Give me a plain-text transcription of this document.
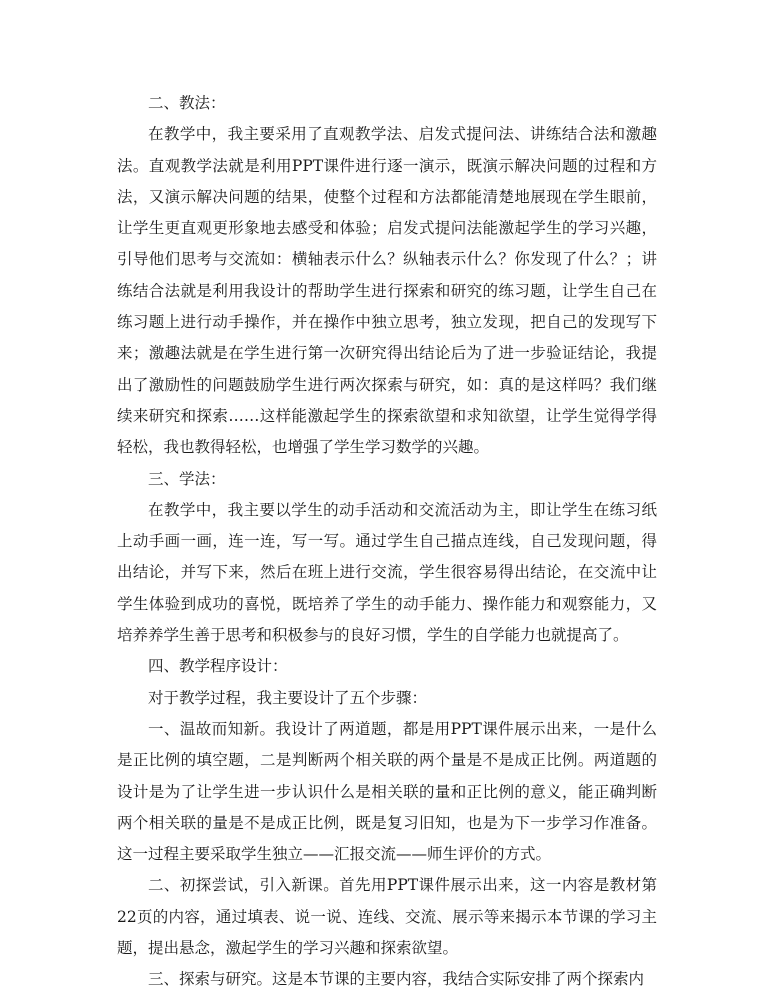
二、教法：

在教学中，我主要采用了直观教学法、启发式提问法、讲练结合法和激趣法。直观教学法就是利用PPT课件进行逐一演示，既演示解决问题的过程和方法，又演示解决问题的结果，使整个过程和方法都能清楚地展现在学生眼前，让学生更直观更形象地去感受和体验；启发式提问法能激起学生的学习兴趣，引导他们思考与交流如：横轴表示什么？纵轴表示什么？你发现了什么？；讲练结合法就是利用我设计的帮助学生进行探索和研究的练习题，让学生自己在练习题上进行动手操作，并在操作中独立思考，独立发现，把自己的发现写下来；激趣法就是在学生进行第一次研究得出结论后为了进一步验证结论，我提出了激励性的问题鼓励学生进行两次探索与研究，如：真的是这样吗？我们继续来研究和探索……这样能激起学生的探索欲望和求知欲望，让学生觉得学得轻松，我也教得轻松，也增强了学生学习数学的兴趣。

三、学法：

在教学中，我主要以学生的动手活动和交流活动为主，即让学生在练习纸上动手画一画，连一连，写一写。通过学生自己描点连线，自己发现问题，得出结论，并写下来，然后在班上进行交流，学生很容易得出结论，在交流中让学生体验到成功的喜悦，既培养了学生的动手能力、操作能力和观察能力，又培养养学生善于思考和积极参与的良好习惯，学生的自学能力也就提高了。

四、教学程序设计：

对于教学过程，我主要设计了五个步骤：

一、温故而知新。我设计了两道题，都是用PPT课件展示出来，一是什么是正比例的填空题，二是判断两个相关联的两个量是不是成正比例。两道题的设计是为了让学生进一步认识什么是相关联的量和正比例的意义，能正确判断两个相关联的量是不是成正比例，既是复习旧知，也是为下一步学习作准备。这一过程主要采取学生独立——汇报交流——师生评价的方式。

二、初探尝试，引入新课。首先用PPT课件展示出来，这一内容是教材第22页的内容，通过填表、说一说、连线、交流、展示等来揭示本节课的学习主题，提出悬念，激起学生的学习兴趣和探索欲望。

三、探索与研究。这是本节课的主要内容，我结合实际安排了两个探索内
